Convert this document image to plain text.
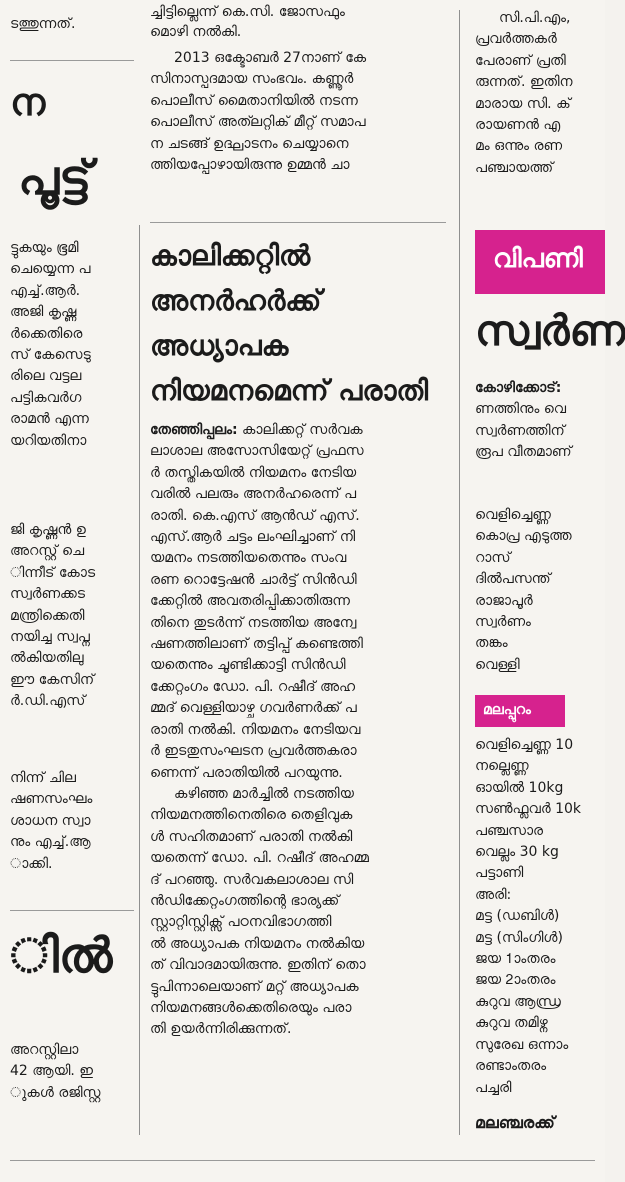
ടത്തുന്നത്.
ന
പൂട്ട്
ട്ടുകയും ഭൂമി
ചെയ്യെന്ന പ
എച്ച്.ആർ.
അജി കൃഷ്ണ
ർക്കെതിരെ
സ് കേസെടു
രിലെ വട്ടല
പട്ടികവർഗ
രാമൻ എന്ന
യറിയതിനാ
ജി കൃഷ്ണൻ ഉ
അറസ്റ്റ് ചെ
ിന്നീട് കോട
സ്വർണക്കട
മന്ത്രിക്കെതി
നയിച്ച സ്വപ്ന
ൽകിയതിലു
ഈ കേസിന്
ർ.ഡി.എസ്
നിന്ന് ചില
ഷണസംഘം
ശാധന സ്വാ
നും എച്ച്.ആ
ാക്കി.
ിൽ
അറസ്റ്റിലാ
42 ആയി. ഇ
ുകൾ രജിസ്റ്റ
ച്ചിട്ടില്ലെന്ന് കെ.സി. ജോസഫും
മൊഴി നൽകി.
2013 ഒക്ടോബർ 27നാണ് കേ
സിനാസ്പദമായ സംഭവം. കണ്ണൂർ
പൊലീസ് മൈതാനിയിൽ നടന്ന
പൊലീസ് അത്‍ലറ്റിക് മീറ്റ് സമാപ
ന ചടങ്ങ് ഉദ്ഘാടനം ചെയ്യാനെ
ത്തിയപ്പോഴായിരുന്നു ഉമ്മൻ ചാ
കാലിക്കറ്റിൽ
അനർഹർക്ക്
അധ്യാപക
നിയമനമെന്ന് പരാതി
തേഞ്ഞിപ്പലം: കാലിക്കറ്റ് സർവക
ലാശാല അസോസിയേറ്റ് പ്രഫസ
ർ തസ്തികയിൽ നിയമനം നേടിയ
വരിൽ പലരും അനർഹരെന്ന് പ
രാതി. കെ.എസ് ആൻഡ് എസ്.
എസ്.ആർ ചട്ടം ലംഘിച്ചാണ് നി
യമനം നടത്തിയതെന്നും സംവ
രണ റൊട്ടേഷൻ ചാർട്ട് സിൻഡി
ക്കേറ്റിൽ അവതരിപ്പിക്കാതിരുന്ന
തിനെ തുടർന്ന് നടത്തിയ അന്വേ
ഷണത്തിലാണ് തട്ടിപ്പ് കണ്ടെത്തി
യതെന്നും ചൂണ്ടിക്കാട്ടി സിൻഡി
ക്കേറ്റംഗം ഡോ. പി. റഷീദ് അഹ
മ്മദ് വെള്ളിയാഴ്ച ഗവർണർക്ക് പ
രാതി നൽകി. നിയമനം നേടിയവ
ർ ഇടതുസംഘടന പ്രവർത്തകരാ
ണെന്ന് പരാതിയിൽ പറയുന്നു.
കഴിഞ്ഞ മാർച്ചിൽ നടത്തിയ
നിയമനത്തിനെതിരെ തെളിവുക
ൾ സഹിതമാണ് പരാതി നൽകി
യതെന്ന് ഡോ. പി. റഷീദ് അഹമ്മ
ദ് പറഞ്ഞു. സർവകലാശാല സി
ൻഡിക്കേറ്റംഗത്തിന്റെ ഭാര്യക്ക്
സ്റ്റാറ്റിസ്റ്റിക്സ് പഠനവിഭാഗത്തി
ൽ അധ്യാപക നിയമനം നൽകിയ
ത് വിവാദമായിരുന്നു. ഇതിന് തൊ
ട്ടുപിന്നാലെയാണ് മറ്റ് അധ്യാപക
നിയമനങ്ങൾക്കെതിരെയും പരാ
തി ഉയർന്നിരിക്കുന്നത്.
സി.പി.എം,
പ്രവർത്തകർ
പേരാണ് പ്രതി
രുന്നത്. ഇതിന
മാരായ സി. ക്
രായണൻ എ
മം ഒന്നും രണ
പഞ്ചായത്ത്
വിപണി
സ്വർണ
കോഴിക്കോട്:
ണത്തിനും വെ
സ്വർണത്തിന്
രൂപ വീതമാണ്
വെളിച്ചെണ്ണ
കൊപ്ര എടുത്ത
റാസ്
ദിൽപസന്ത്
രാജാപൂർ
സ്വർണം
തങ്കം
വെള്ളി
മലപ്പുറം
വെളിച്ചെണ്ണ 10
നല്ലെണ്ണ
ഓയിൽ 10kg
സൺഫ്ലവർ 10k
പഞ്ചസാര
വെല്ലം 30 kg
പട്ടാണി
അരി:
മട്ട (ഡബിൾ)
മട്ട (സിംഗിൾ)
ജയ 1ാംതരം
ജയ 2ാംതരം
കുറുവ ആന്ധ്ര
കുറുവ തമിഴ്ന
സുരേഖ ഒന്നാം
രണ്ടാംതരം
പച്ചരി
മലഞ്ചരക്ക്
